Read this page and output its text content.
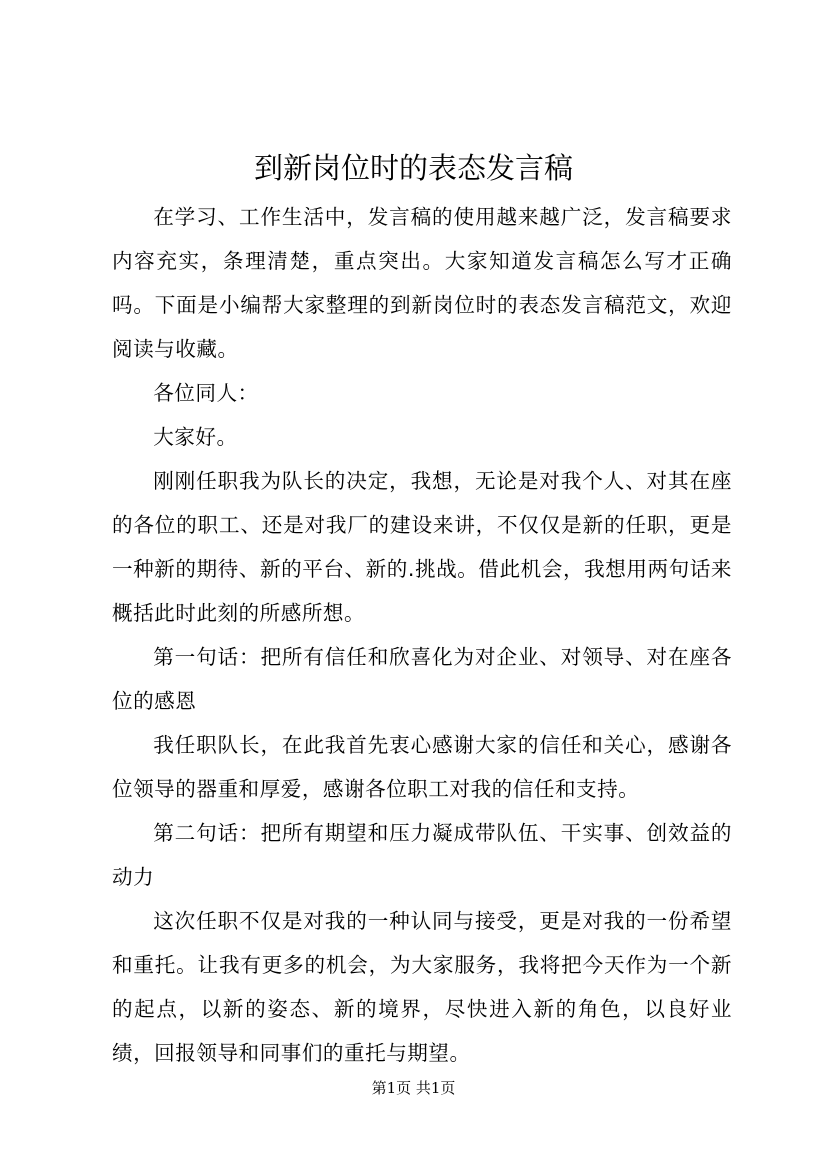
到新岗位时的表态发言稿

在学习、工作生活中，发言稿的使用越来越广泛，发言稿要求内容充实，条理清楚，重点突出。大家知道发言稿怎么写才正确吗。下面是小编帮大家整理的到新岗位时的表态发言稿范文，欢迎阅读与收藏。

各位同人：

大家好。

刚刚任职我为队长的决定，我想，无论是对我个人、对其在座的各位的职工、还是对我厂的建设来讲，不仅仅是新的任职，更是一种新的期待、新的平台、新的.挑战。借此机会，我想用两句话来概括此时此刻的所感所想。

第一句话：把所有信任和欣喜化为对企业、对领导、对在座各位的感恩

我任职队长，在此我首先衷心感谢大家的信任和关心，感谢各位领导的器重和厚爱，感谢各位职工对我的信任和支持。

第二句话：把所有期望和压力凝成带队伍、干实事、创效益的动力

这次任职不仅是对我的一种认同与接受，更是对我的一份希望和重托。让我有更多的机会，为大家服务，我将把今天作为一个新的起点，以新的姿态、新的境界，尽快进入新的角色，以良好业绩，回报领导和同事们的重托与期望。

第1页 共1页
